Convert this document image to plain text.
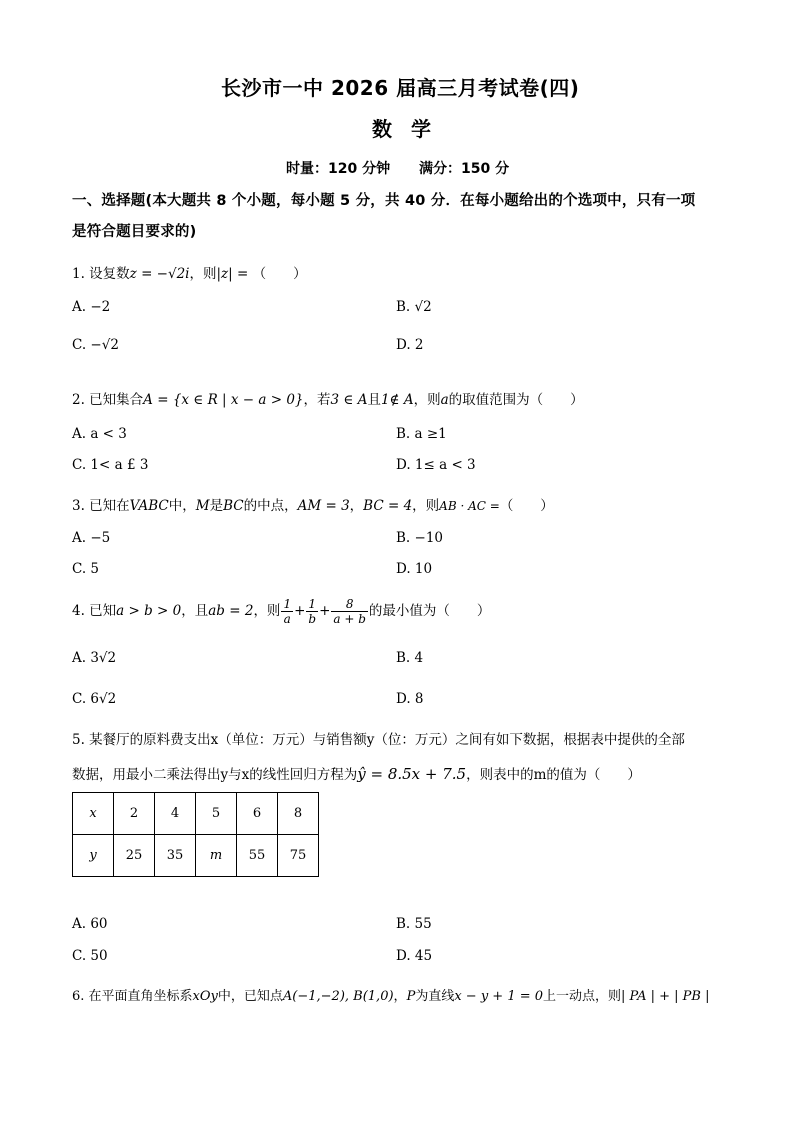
长沙市一中 2026 届高三月考试卷(四)
数 学
时量：120 分钟 满分：150 分
一、选择题(本大题共 8 个小题，每小题 5 分，共 40 分．在每小题给出的个选项中，只有一项
是符合题目要求的)
1. 设复数z = −√2i，则|z| = （　　）
A. −2	B. √2
C. −√2	D. 2
2. 已知集合A = {x ∈ R | x − a > 0}，若3 ∈ A且1∉ A，则a的取值范围为（　　）
A. a < 3	B. a ≥1
C. 1< a £ 3	D. 1≤ a < 3
3. 已知在VABC中，M是BC的中点，AM = 3，BC = 4，则AB · AC =（　　）
A. −5	B. −10
C. 5	D. 10
4. 已知a > b > 0，且ab = 2，则 $\frac{1}{a} + \frac{1}{b} + \frac{8}{a + b}$ 的最小值为（　　）
A. 3√2	B. 4
C. 6√2	D. 8
5. 某餐厅的原料费支出x（单位：万元）与销售额y（位：万元）之间有如下数据，根据表中提供的全部
数据，用最小二乘法得出y与x的线性回归方程为ŷ = 8.5x + 7.5，则表中的m的值为（　　）
x	2	4	5	6	8
y	25	35	m	55	75
A. 60	B. 55
C. 50	D. 45
6. 在平面直角坐标系xOy中，已知点A(−1,−2), B(1,0)，P为直线x − y + 1 = 0上一动点，则| PA | + | PB |
